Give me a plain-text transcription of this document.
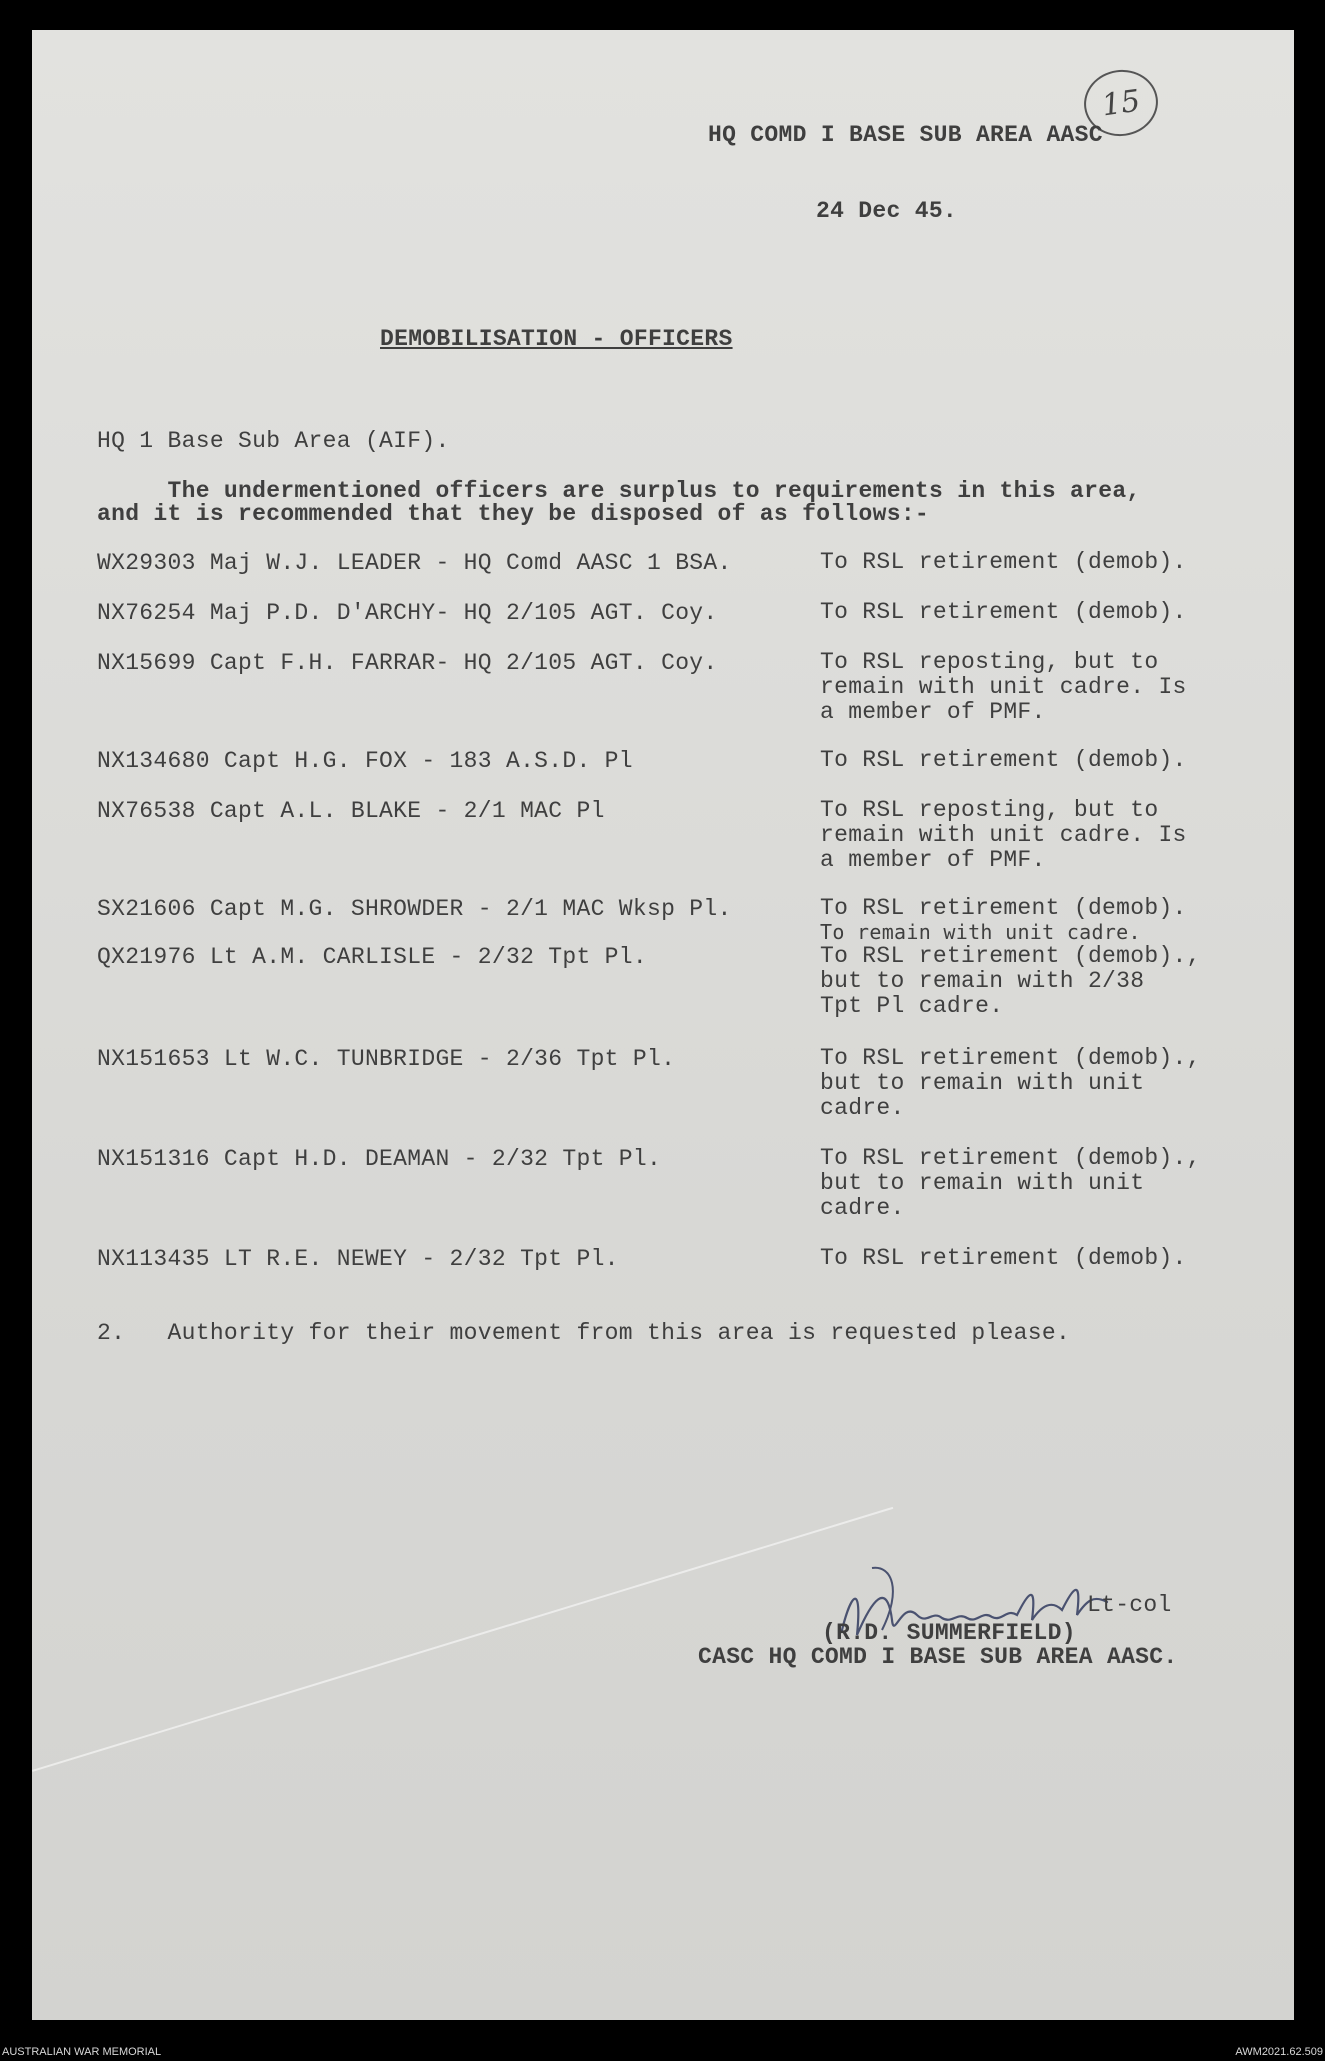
15
HQ COMD I BASE SUB AREA AASC
24 Dec 45.
DEMOBILISATION - OFFICERS
HQ 1 Base Sub Area (AIF).
The undermentioned officers are surplus to requirements in this area,
and it is recommended that they be disposed of as follows:-
WX29303 Maj W.J. LEADER - HQ Comd AASC 1 BSA.	To RSL retirement (demob).
NX76254 Maj P.D. D'ARCHY- HQ 2/105 AGT. Coy.	To RSL retirement (demob).
NX15699 Capt F.H. FARRAR- HQ 2/105 AGT. Coy.	To RSL reposting, but to
remain with unit cadre. Is
a member of PMF.
NX134680 Capt H.G. FOX - 183 A.S.D. Pl	To RSL retirement (demob).
NX76538 Capt A.L. BLAKE - 2/1 MAC Pl	To RSL reposting, but to
remain with unit cadre. Is
a member of PMF.
SX21606 Capt M.G. SHROWDER - 2/1 MAC Wksp Pl.	To RSL retirement (demob).
To remain with unit cadre.
QX21976 Lt A.M. CARLISLE - 2/32 Tpt Pl.	To RSL retirement (demob).,
but to remain with 2/38
Tpt Pl cadre.
NX151653 Lt W.C. TUNBRIDGE - 2/36 Tpt Pl.	To RSL retirement (demob).,
but to remain with unit
cadre.
NX151316 Capt H.D. DEAMAN - 2/32 Tpt Pl.	To RSL retirement (demob).,
but to remain with unit
cadre.
NX113435 LT R.E. NEWEY - 2/32 Tpt Pl.	To RSL retirement (demob).
2.   Authority for their movement from this area is requested please.
Lt-col
(R.D. SUMMERFIELD)
CASC HQ COMD I BASE SUB AREA AASC.
AUSTRALIAN WAR MEMORIAL	AWM2021.62.509
